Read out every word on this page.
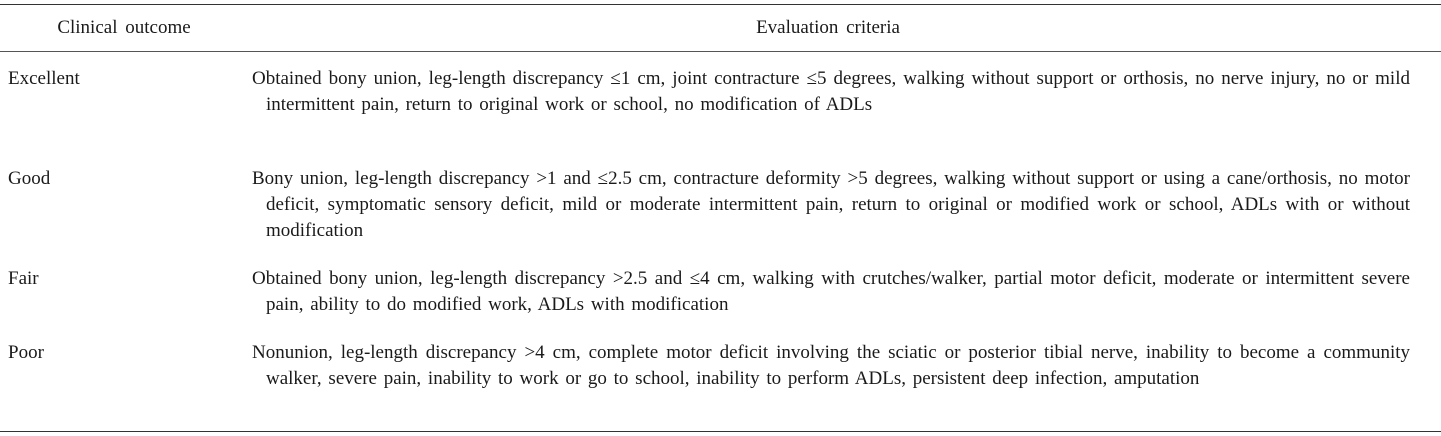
Clinical outcome	Evaluation criteria
Excellent	Obtained bony union, leg-length discrepancy ≤1 cm, joint contracture ≤5 degrees, walking without support or orthosis, no nerve injury, no or mild intermittent pain, return to original work or school, no modification of ADLs
Good	Bony union, leg-length discrepancy >1 and ≤2.5 cm, contracture deformity >5 degrees, walking without support or using a cane/orthosis, no motor deficit, symptomatic sensory deficit, mild or moderate intermittent pain, return to original or modified work or school, ADLs with or without modification
Fair	Obtained bony union, leg-length discrepancy >2.5 and ≤4 cm, walking with crutches/walker, partial motor deficit, moderate or intermittent severe pain, ability to do modified work, ADLs with modification
Poor	Nonunion, leg-length discrepancy >4 cm, complete motor deficit involving the sciatic or posterior tibial nerve, inability to become a community walker, severe pain, inability to work or go to school, inability to perform ADLs, persistent deep infection, amputation
